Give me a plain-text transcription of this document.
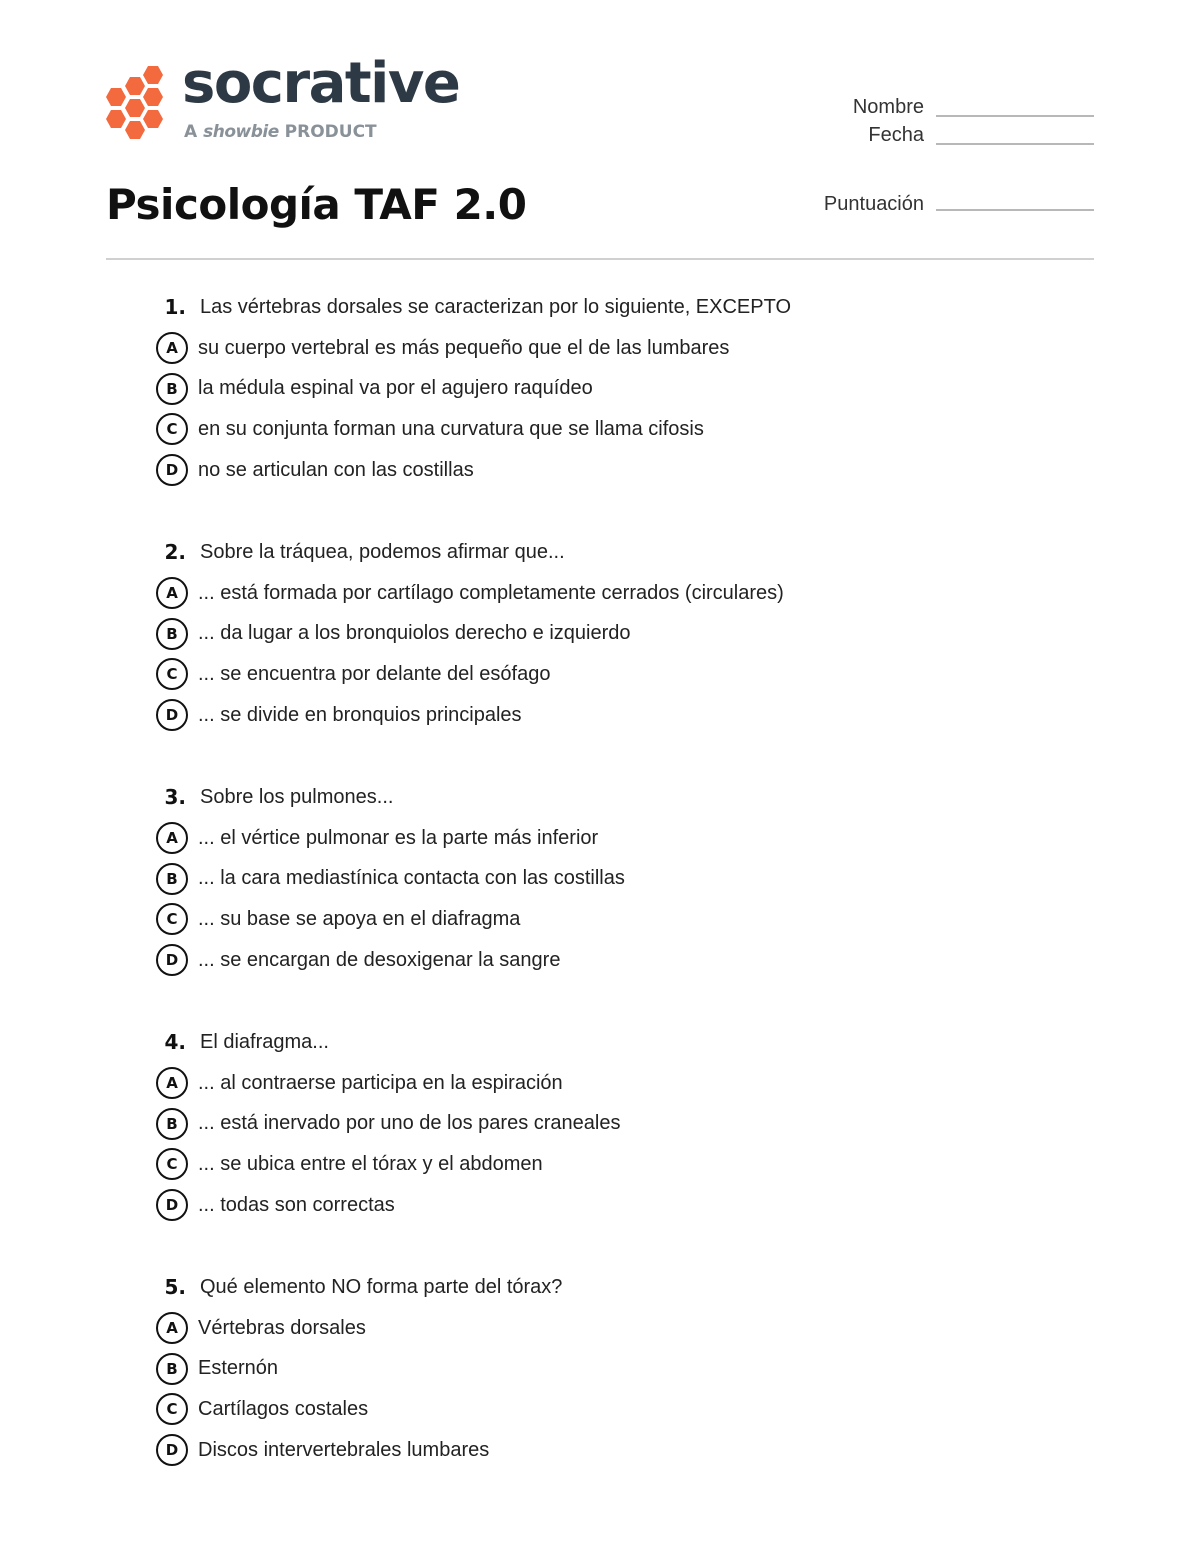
socrative
A showbie PRODUCT
Nombre
Fecha
Puntuación
Psicología TAF 2.0
1. Las vértebras dorsales se caracterizan por lo siguiente, EXCEPTO
A	su cuerpo vertebral es más pequeño que el de las lumbares
B	la médula espinal va por el agujero raquídeo
C	en su conjunta forman una curvatura que se llama cifosis
D no se articulan con las costillas
2. Sobre la tráquea, podemos afirmar que...
A	... está formada por cartílago completamente cerrados (circulares)
B	... da lugar a los bronquiolos derecho e izquierdo
C	... se encuentra por delante del esófago
D ... se divide en bronquios principales
3. Sobre los pulmones...
A	... el vértice pulmonar es la parte más inferior
B	... la cara mediastínica contacta con las costillas
C	... su base se apoya en el diafragma
D ... se encargan de desoxigenar la sangre
4. El diafragma...
A	... al contraerse participa en la espiración
B	... está inervado por uno de los pares craneales
C	... se ubica entre el tórax y el abdomen
D ... todas son correctas
5. Qué elemento NO forma parte del tórax?
A	Vértebras dorsales
B	Esternón
C	Cartílagos costales
D Discos intervertebrales lumbares
